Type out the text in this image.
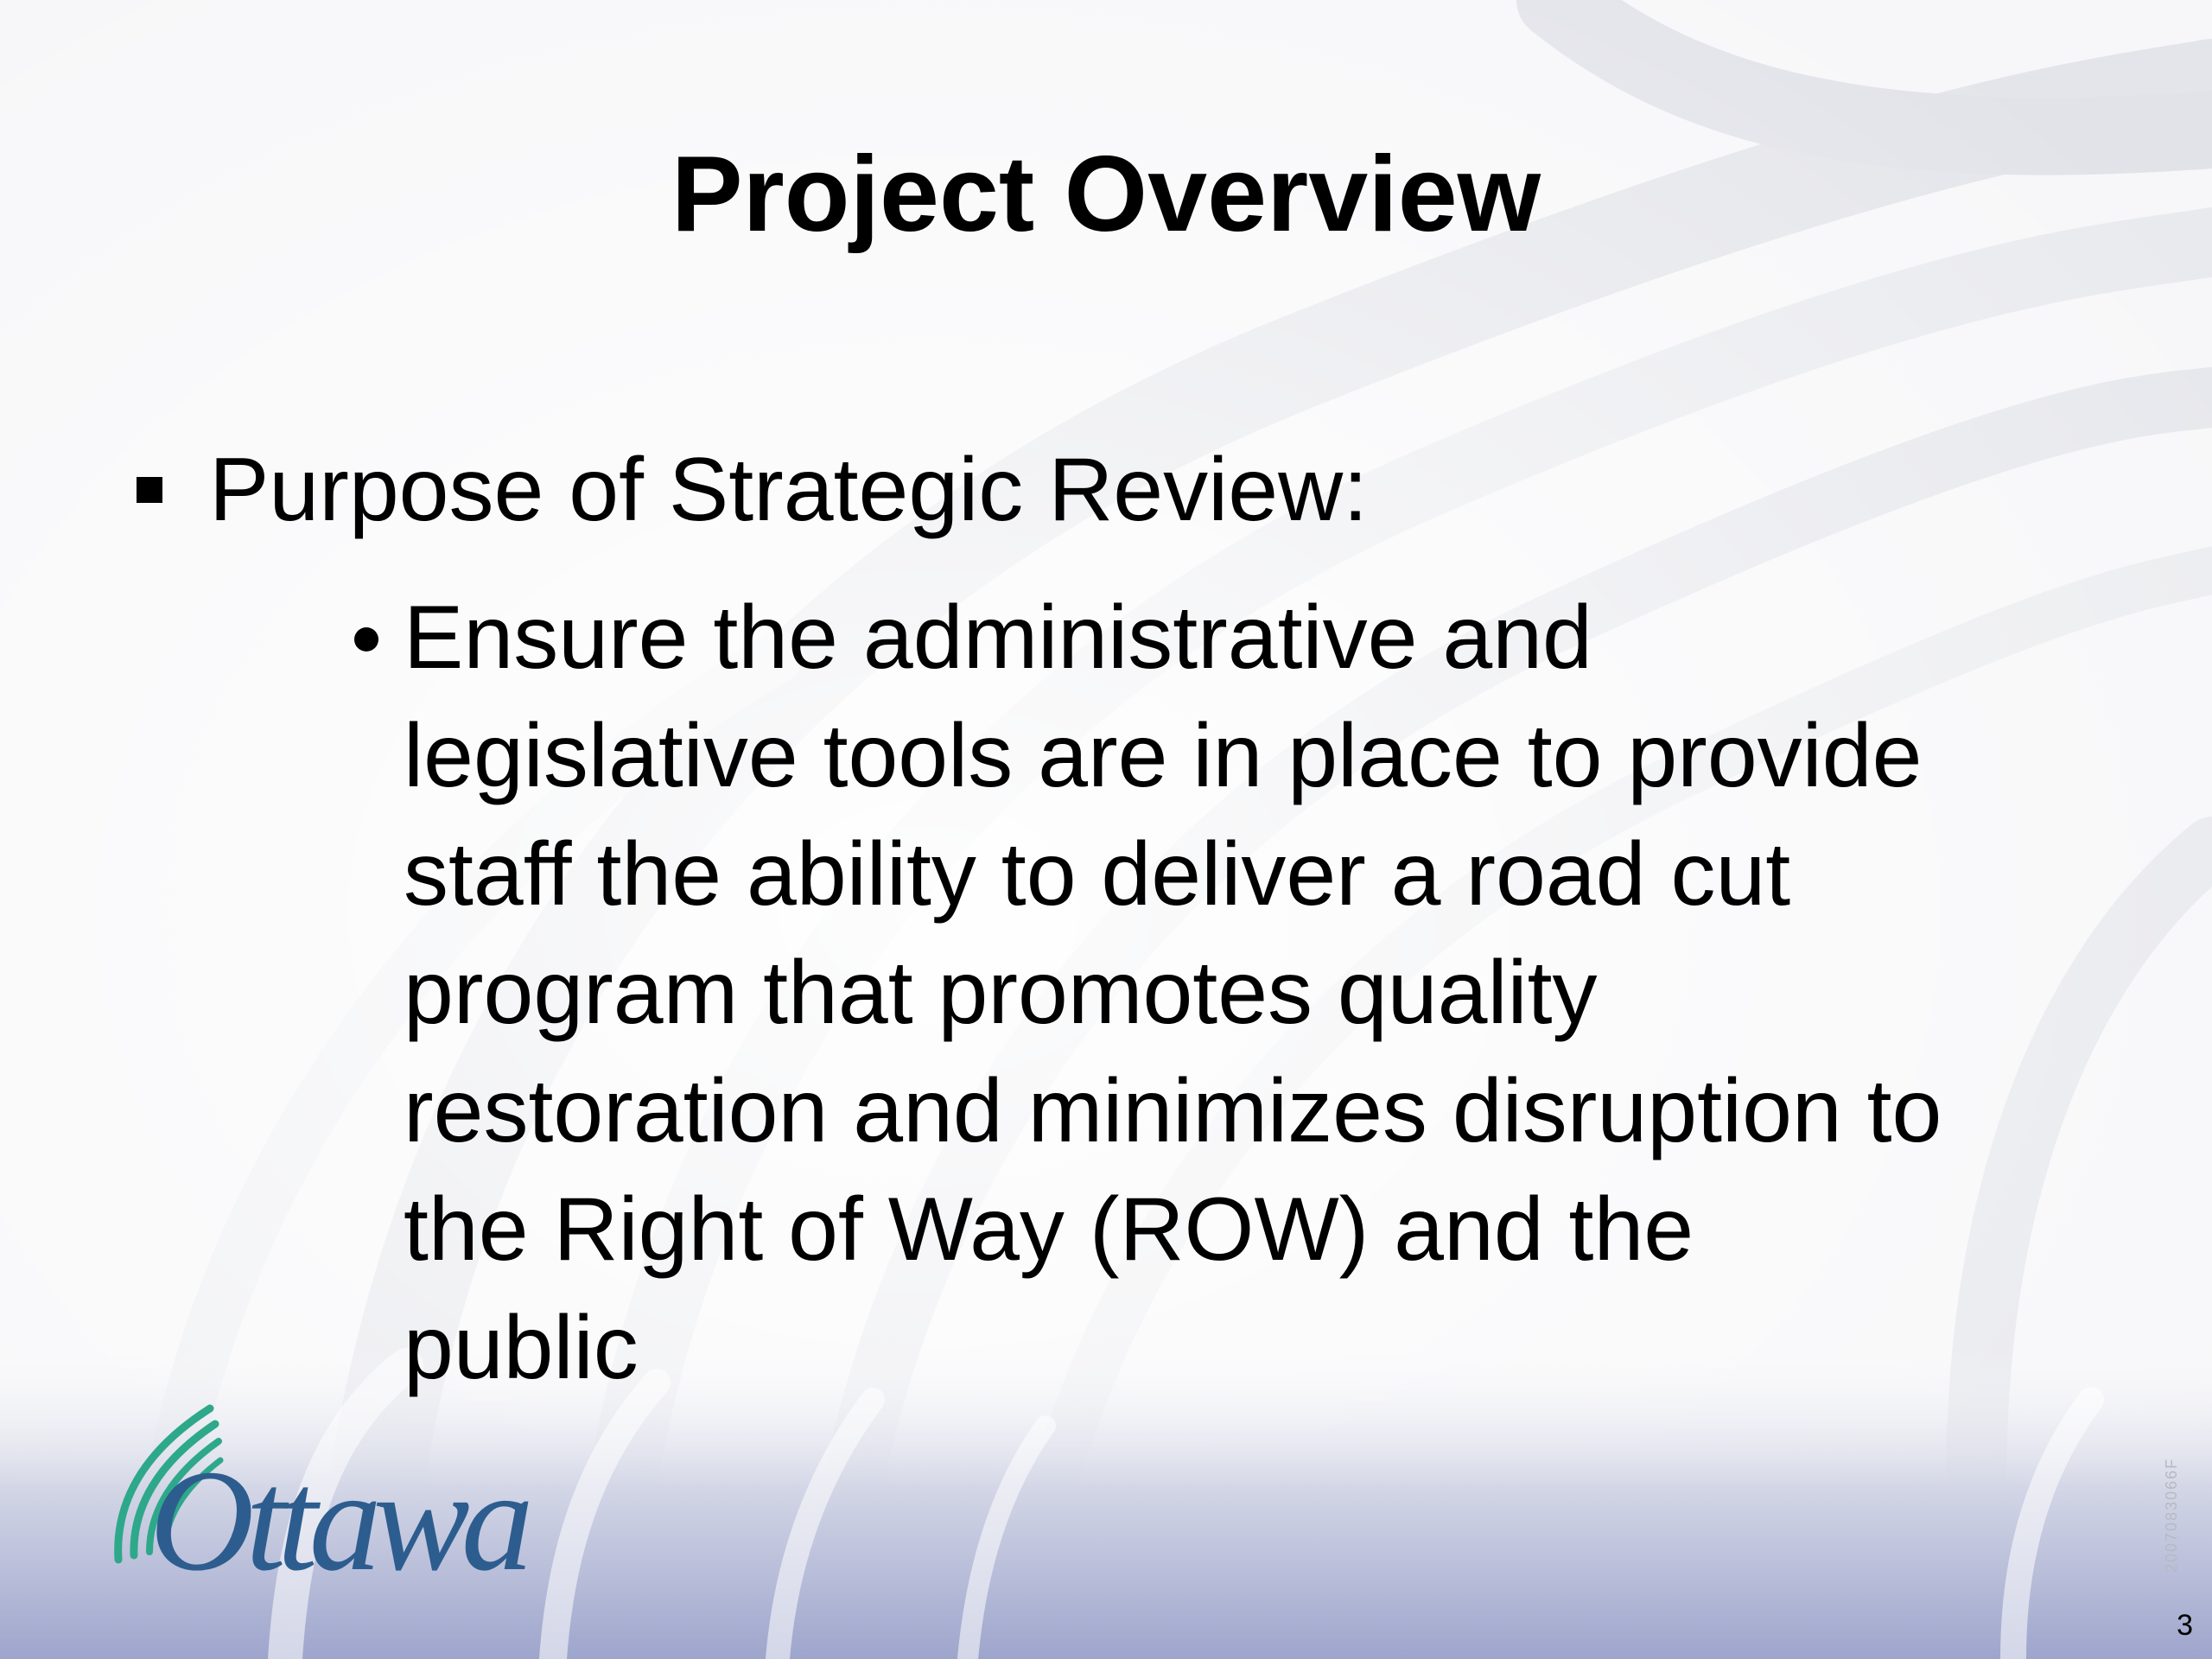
Project Overview
Purpose of Strategic Review:
Ensure the administrative and
legislative tools are in place to provide
staff the ability to deliver a road cut
program that promotes quality
restoration and minimizes disruption to
the Right of Way (ROW) and the
public
Ottawa
3
